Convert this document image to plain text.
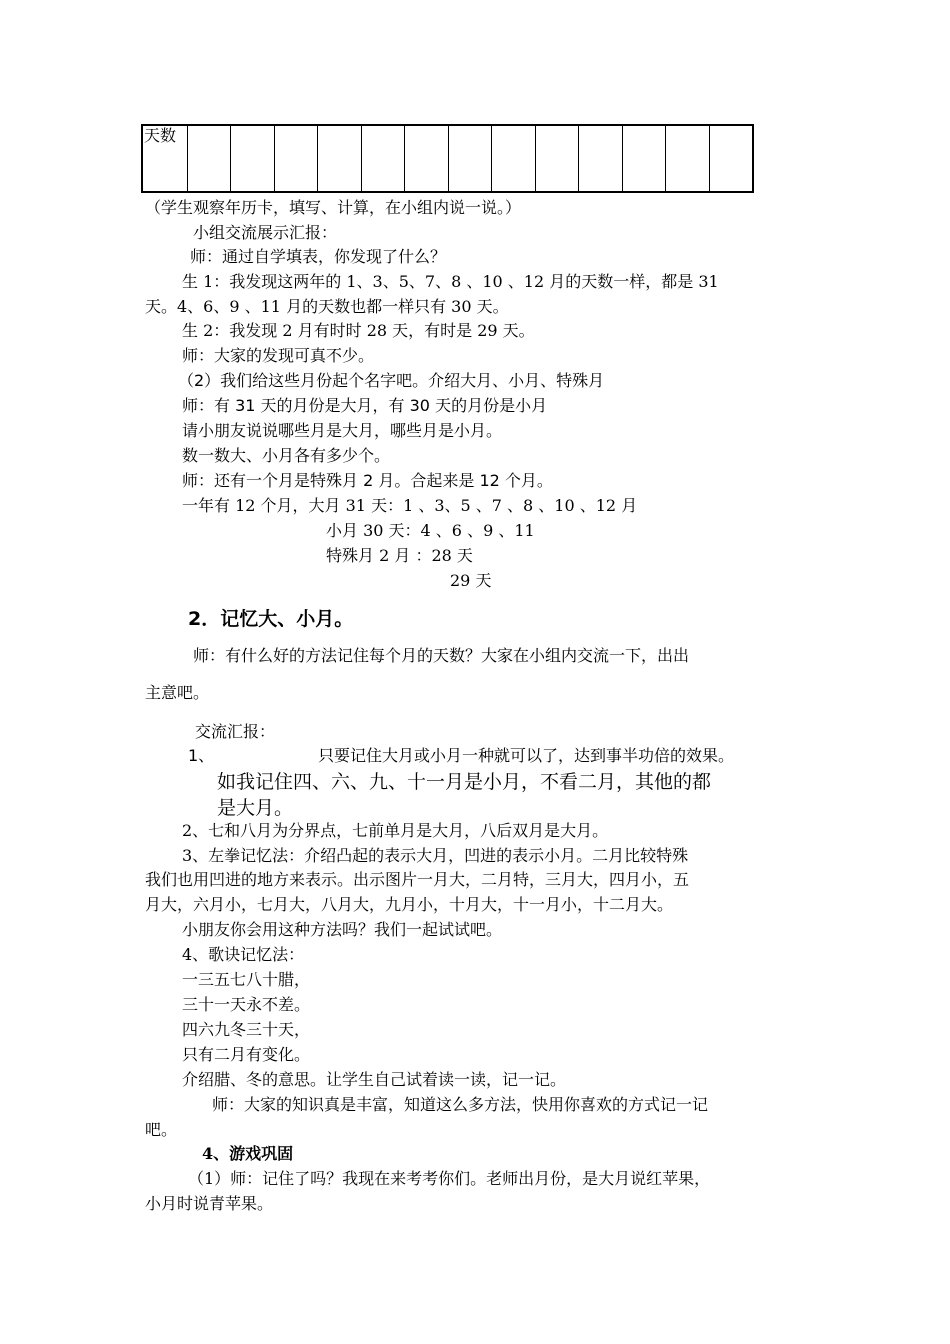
天数													
（学生观察年历卡，填写、计算，在小组内说一说。）
小组交流展示汇报：
师：通过自学填表，你发现了什么？
生 1：我发现这两年的 1、3、5、7、8 、10 、12 月的天数一样，都是 31
天。4、6、9 、11 月的天数也都一样只有 30 天。
生 2：我发现 2 月有时时 28 天，有时是 29 天。
师：大家的发现可真不少。
（2）我们给这些月份起个名字吧。介绍大月、小月、特殊月
师：有 31 天的月份是大月，有 30 天的月份是小月
请小朋友说说哪些月是大月，哪些月是小月。
数一数大、小月各有多少个。
师：还有一个月是特殊月 2 月。合起来是 12 个月。
一年有 12 个月，大月 31 天：1 、3、5 、7 、8 、10 、12 月
小月 30 天：4 、6 、9 、11
特殊月 2 月 ：28 天
29 天
2．记忆大、小月。
师：有什么好的方法记住每个月的天数？大家在小组内交流一下，出出
主意吧。
交流汇报：
1、	只要记住大月或小月一种就可以了，达到事半功倍的效果。
如我记住四、六、九、十一月是小月，不看二月，其他的都
是大月。
2、七和八月为分界点，七前单月是大月，八后双月是大月。
3、左拳记忆法：介绍凸起的表示大月，凹进的表示小月。二月比较特殊
我们也用凹进的地方来表示。出示图片一月大，二月特，三月大，四月小，五
月大，六月小，七月大，八月大，九月小，十月大，十一月小，十二月大。
小朋友你会用这种方法吗？我们一起试试吧。
4、歌诀记忆法：
一三五七八十腊，
三十一天永不差。
四六九冬三十天，
只有二月有变化。
介绍腊、冬的意思。让学生自己试着读一读，记一记。
师：大家的知识真是丰富，知道这么多方法，快用你喜欢的方式记一记
吧。
4、游戏巩固
（1）师：记住了吗？我现在来考考你们。老师出月份，是大月说红苹果，
小月时说青苹果。
